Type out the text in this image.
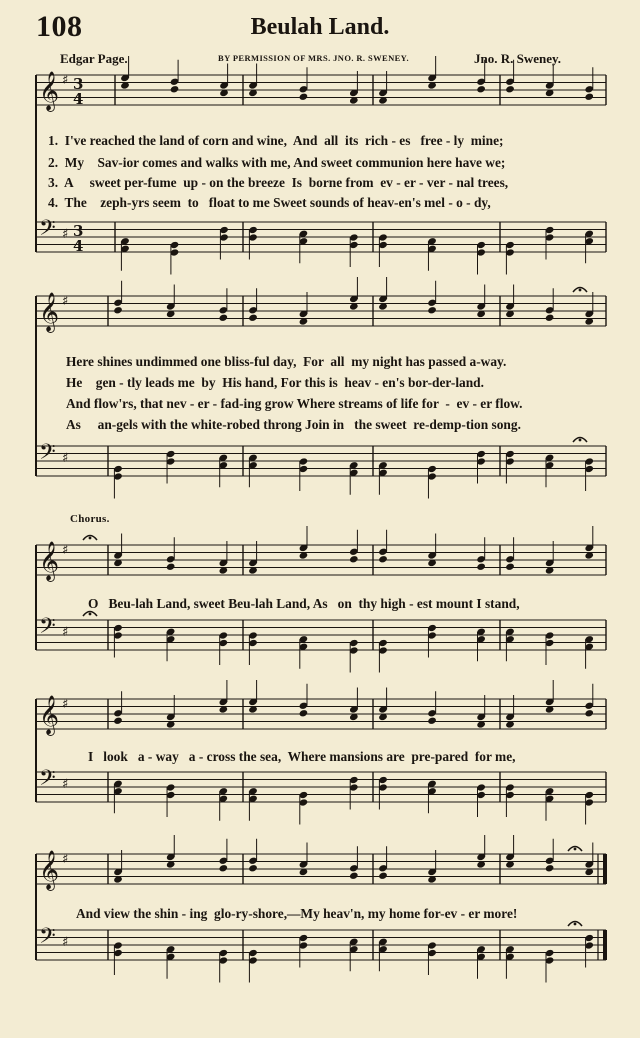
108	Beulah Land.
Edgar Page.	BY PERMISSION OF MRS. JNO. R. SWENEY.	Jno. R. Sweney.
𝄞 ♯ 3
4
𝄢 ♯ 3
4
𝄞 ♯
𝄢 ♯
𝄞 ♯
𝄢 ♯
𝄞 ♯
𝄢 ♯
𝄞 ♯
𝄢 ♯
1.  I've reached the land of corn and wine,  And  all  its  rich - es   free - ly  mine;
2.  My    Sav-ior comes and walks with me, And sweet communion here have we;
3.  A     sweet per-fume  up - on the breeze  Is  borne from  ev - er - ver - nal trees,
4.  The    zeph-yrs seem  to   float to me Sweet sounds of heav-en's mel - o - dy,
Here shines undimmed one bliss-ful day,  For  all  my night has passed a-way.
He    gen - tly leads me  by  His hand, For this is  heav - en's bor-der-land.
And flow'rs, that nev - er - fad-ing grow Where streams of life for  -  ev - er flow.
As     an-gels with the white-robed throng Join in   the sweet  re-demp-tion song.
Chorus.
O   Beu-lah Land, sweet Beu-lah Land, As   on  thy high - est mount I stand,
I   look   a - way   a - cross the sea,  Where mansions are  pre-pared  for me,
And view the shin - ing  glo-ry-shore,—My heav'n, my home for-ev - er more!
